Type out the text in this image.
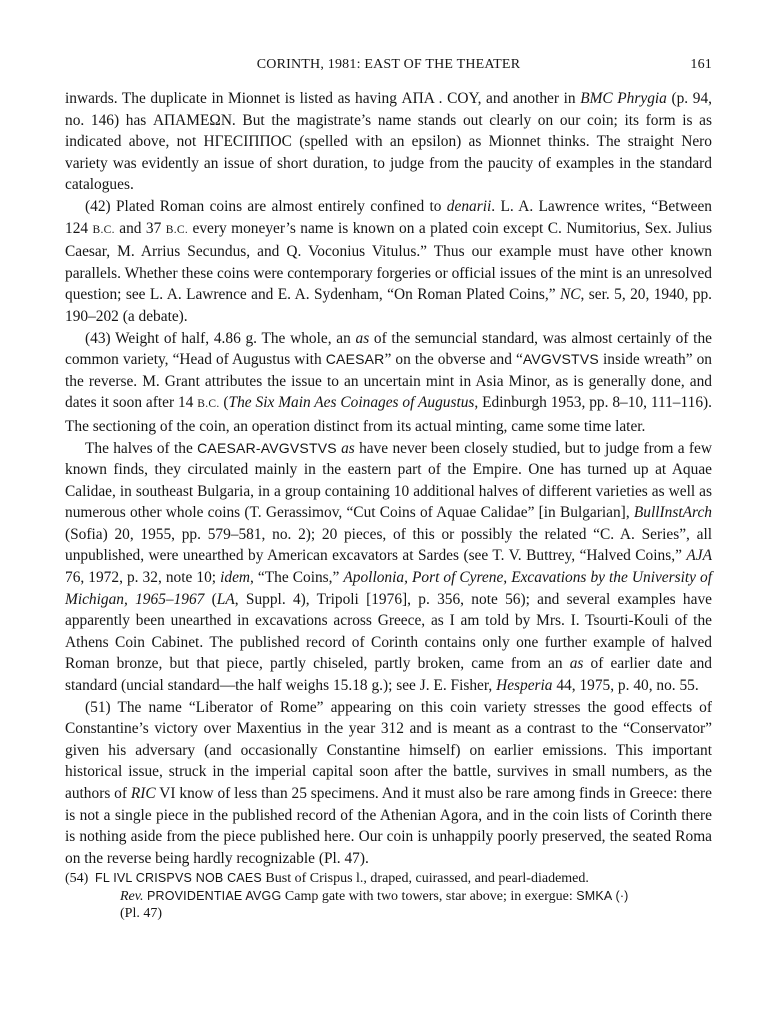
CORINTH, 1981: EAST OF THE THEATER	161

inwards. The duplicate in Mionnet is listed as having ΑΠΑ . COY, and another in BMC Phrygia (p. 94, no. 146) has ΑΠΑΜΕΩΝ. But the magistrate’s name stands out clearly on our coin; its form is as indicated above, not ΗΓΕCΙΠΠΟC (spelled with an epsilon) as Mionnet thinks. The straight Nero variety was evidently an issue of short duration, to judge from the paucity of examples in the standard catalogues.

(42) Plated Roman coins are almost entirely confined to denarii. L. A. Lawrence writes, “Between 124 B.C. and 37 B.C. every moneyer’s name is known on a plated coin except C. Numitorius, Sex. Julius Caesar, M. Arrius Secundus, and Q. Voconius Vitulus.” Thus our example must have other known parallels. Whether these coins were contemporary forgeries or official issues of the mint is an unresolved question; see L. A. Lawrence and E. A. Sydenham, “On Roman Plated Coins,” NC, ser. 5, 20, 1940, pp. 190–202 (a debate).

(43) Weight of half, 4.86 g. The whole, an as of the semuncial standard, was almost certainly of the common variety, “Head of Augustus with CAESAR” on the obverse and “AVGVSTVS inside wreath” on the reverse. M. Grant attributes the issue to an uncertain mint in Asia Minor, as is generally done, and dates it soon after 14 B.C. (The Six Main Aes Coinages of Augustus, Edinburgh 1953, pp. 8–10, 111–116). The sectioning of the coin, an operation distinct from its actual minting, came some time later.

The halves of the CAESAR-AVGVSTVS as have never been closely studied, but to judge from a few known finds, they circulated mainly in the eastern part of the Empire. One has turned up at Aquae Calidae, in southeast Bulgaria, in a group containing 10 additional halves of different varieties as well as numerous other whole coins (T. Gerassimov, “Cut Coins of Aquae Calidae” [in Bulgarian], BullInstArch (Sofia) 20, 1955, pp. 579–581, no. 2); 20 pieces, of this or possibly the related “C. A. Series”, all unpublished, were unearthed by American excavators at Sardes (see T. V. Buttrey, “Halved Coins,” AJA 76, 1972, p. 32, note 10; idem, “The Coins,” Apollonia, Port of Cyrene, Excavations by the University of Michigan, 1965–1967 (LA, Suppl. 4), Tripoli [1976], p. 356, note 56); and several examples have apparently been unearthed in excavations across Greece, as I am told by Mrs. I. Tsourti-Kouli of the Athens Coin Cabinet. The published record of Corinth contains only one further example of halved Roman bronze, but that piece, partly chiseled, partly broken, came from an as of earlier date and standard (uncial standard—the half weighs 15.18 g.); see J. E. Fisher, Hesperia 44, 1975, p. 40, no. 55.

(51) The name “Liberator of Rome” appearing on this coin variety stresses the good effects of Constantine’s victory over Maxentius in the year 312 and is meant as a contrast to the “Conservator” given his adversary (and occasionally Constantine himself) on earlier emissions. This important historical issue, struck in the imperial capital soon after the battle, survives in small numbers, as the authors of RIC VI know of less than 25 specimens. And it must also be rare among finds in Greece: there is not a single piece in the published record of the Athenian Agora, and in the coin lists of Corinth there is nothing aside from the piece published here. Our coin is unhappily poorly preserved, the seated Roma on the reverse being hardly recognizable (Pl. 47).

(54) FL IVL CRISPVS NOB CAES Bust of Crispus l., draped, cuirassed, and pearl-diademed.
Rev. PROVIDENTIAE AVGG Camp gate with two towers, star above; in exergue: SMKA (·)
(Pl. 47)
